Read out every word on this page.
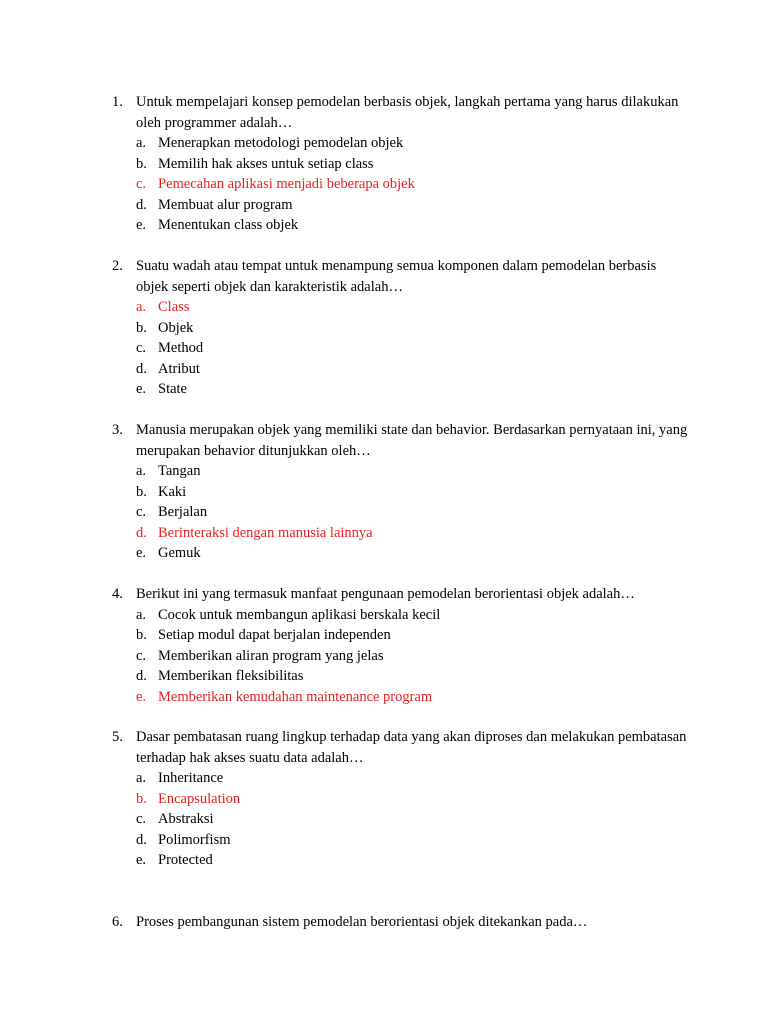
1. Untuk mempelajari konsep pemodelan berbasis objek, langkah pertama yang harus dilakukan oleh programmer adalah…
a. Menerapkan metodologi pemodelan objek
b. Memilih hak akses untuk setiap class
c. Pemecahan aplikasi menjadi beberapa objek
d. Membuat alur program
e. Menentukan class objek
2. Suatu wadah atau tempat untuk menampung semua komponen dalam pemodelan berbasis objek seperti objek dan karakteristik adalah…
a. Class
b. Objek
c. Method
d. Atribut
e. State
3. Manusia merupakan objek yang memiliki state dan behavior. Berdasarkan pernyataan ini, yang merupakan behavior ditunjukkan oleh…
a. Tangan
b. Kaki
c. Berjalan
d. Berinteraksi dengan manusia lainnya
e. Gemuk
4. Berikut ini yang termasuk manfaat pengunaan pemodelan berorientasi objek adalah…
a. Cocok untuk membangun aplikasi berskala kecil
b. Setiap modul dapat berjalan independen
c. Memberikan aliran program yang jelas
d. Memberikan fleksibilitas
e. Memberikan kemudahan maintenance program
5. Dasar pembatasan ruang lingkup terhadap data yang akan diproses dan melakukan pembatasan terhadap hak akses suatu data adalah…
a. Inheritance
b. Encapsulation
c. Abstraksi
d. Polimorfism
e. Protected
6. Proses pembangunan sistem pemodelan berorientasi objek ditekankan pada…
